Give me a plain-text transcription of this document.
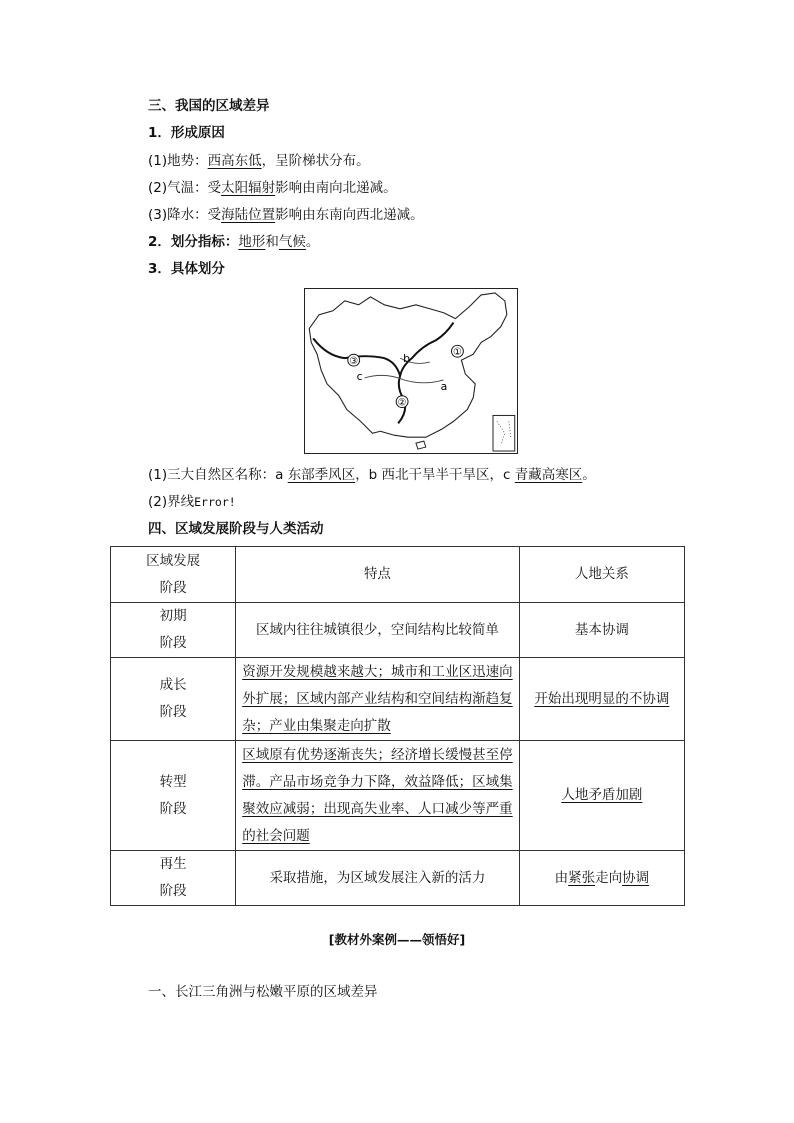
三、我国的区域差异
1．形成原因
(1)地势：西高东低，呈阶梯状分布。
(2)气温：受太阳辐射影响由南向北递减。
(3)降水：受海陆位置影响由东南向西北递减。
2．划分指标：地形和气候。
3．具体划分
①
②
③
a
b
c
(1)三大自然区名称：a 东部季风区，b 西北干旱半干旱区，c 青藏高寒区。
(2)界线Error!
四、区域发展阶段与人类活动
区域发展阶段	特点	人地关系

初期阶段	区域内往往城镇很少，空间结构比较简单	基本协调

成长阶段	资源开发规模越来越大；城市和工业区迅速向外扩展；区域内部产业结构和空间结构渐趋复杂；产业由集聚走向扩散	开始出现明显的不协调

转型阶段	区域原有优势逐渐丧失；经济增长缓慢甚至停滞。产品市场竞争力下降，效益降低；区域集聚效应减弱；出现高失业率、人口减少等严重的社会问题	人地矛盾加剧

再生阶段	采取措施，为区域发展注入新的活力	由紧张走向协调
[教材外案例——领悟好]
一、长江三角洲与松嫩平原的区域差异
